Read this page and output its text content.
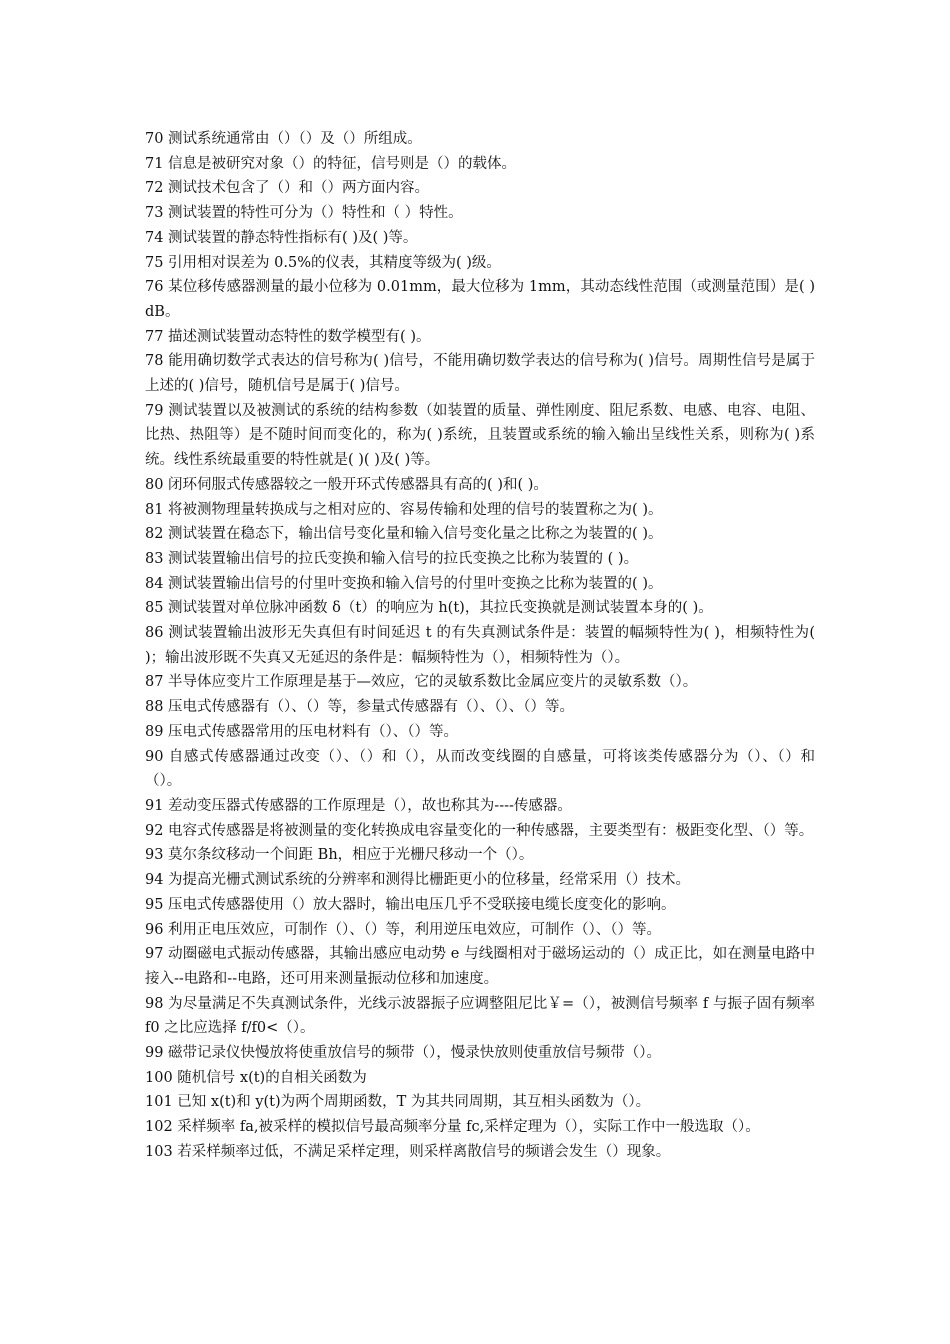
70 测试系统通常由（）（）及（）所组成。

71 信息是被研究对象（）的特征，信号则是（）的载体。

72 测试技术包含了（）和（）两方面内容。

73 测试装置的特性可分为（）特性和（ ）特性。

74 测试装置的静态特性指标有( )及( )等。

75 引用相对误差为 0.5%的仪表，其精度等级为( )级。

76 某位移传感器测量的最小位移为 0.01mm，最大位移为 1mm，其动态线性范围（或测量范围）是( )dB。

77 描述测试装置动态特性的数学模型有( )。

78 能用确切数学式表达的信号称为( )信号，不能用确切数学表达的信号称为( )信号。周期性信号是属于上述的( )信号，随机信号是属于( )信号。

79 测试装置以及被测试的系统的结构参数（如装置的质量、弹性刚度、阻尼系数、电感、电容、电阻、比热、热阻等）是不随时间而变化的，称为( )系统，且装置或系统的输入输出呈线性关系，则称为( )系统。线性系统最重要的特性就是( )( )及( )等。

80 闭环伺服式传感器较之一般开环式传感器具有高的( )和( )。

81 将被测物理量转换成与之相对应的、容易传输和处理的信号的装置称之为( )。

82 测试装置在稳态下，输出信号变化量和输入信号变化量之比称之为装置的( )。

83 测试装置输出信号的拉氏变换和输入信号的拉氏变换之比称为装置的 ( )。

84 测试装置输出信号的付里叶变换和输入信号的付里叶变换之比称为装置的( )。

85 测试装置对单位脉冲函数 δ（t）的响应为 h(t)，其拉氏变换就是测试装置本身的( )。

86 测试装置输出波形无失真但有时间延迟 t 的有失真测试条件是：装置的幅频特性为( )，相频特性为( )；输出波形既不失真又无延迟的条件是：幅频特性为（），相频特性为（）。

87 半导体应变片工作原理是基于—效应，它的灵敏系数比金属应变片的灵敏系数（）。

88 压电式传感器有（）、（）等，参量式传感器有（）、（）、（）等。

89 压电式传感器常用的压电材料有（）、（）等。

90 自感式传感器通过改变（）、（）和（），从而改变线圈的自感量，可将该类传感器分为（）、（）和（）。

91 差动变压器式传感器的工作原理是（），故也称其为----传感器。

92 电容式传感器是将被测量的变化转换成电容量变化的一种传感器，主要类型有：极距变化型、（）等。

93 莫尔条纹移动一个间距 Bh，相应于光栅尺移动一个（）。

94 为提高光栅式测试系统的分辨率和测得比栅距更小的位移量，经常采用（）技术。

95 压电式传感器使用（）放大器时，输出电压几乎不受联接电缆长度变化的影响。

96 利用正电压效应，可制作（）、（）等，利用逆压电效应，可制作（）、（）等。

97 动圈磁电式振动传感器，其输出感应电动势 e 与线圈相对于磁场运动的（）成正比，如在测量电路中接入--电路和--电路，还可用来测量振动位移和加速度。

98 为尽量满足不失真测试条件，光线示波器振子应调整阻尼比￥=（），被测信号频率 f 与振子固有频率 f0 之比应选择 f/f0<（）。

99 磁带记录仪快慢放将使重放信号的频带（），慢录快放则使重放信号频带（）。

100 随机信号 x(t)的自相关函数为

101 已知 x(t)和 y(t)为两个周期函数，T 为其共同周期，其互相头函数为（）。

102 采样频率 fa,被采样的模拟信号最高频率分量 fc,采样定理为（），实际工作中一般选取（）。

103 若采样频率过低，不满足采样定理，则采样离散信号的频谱会发生（）现象。
